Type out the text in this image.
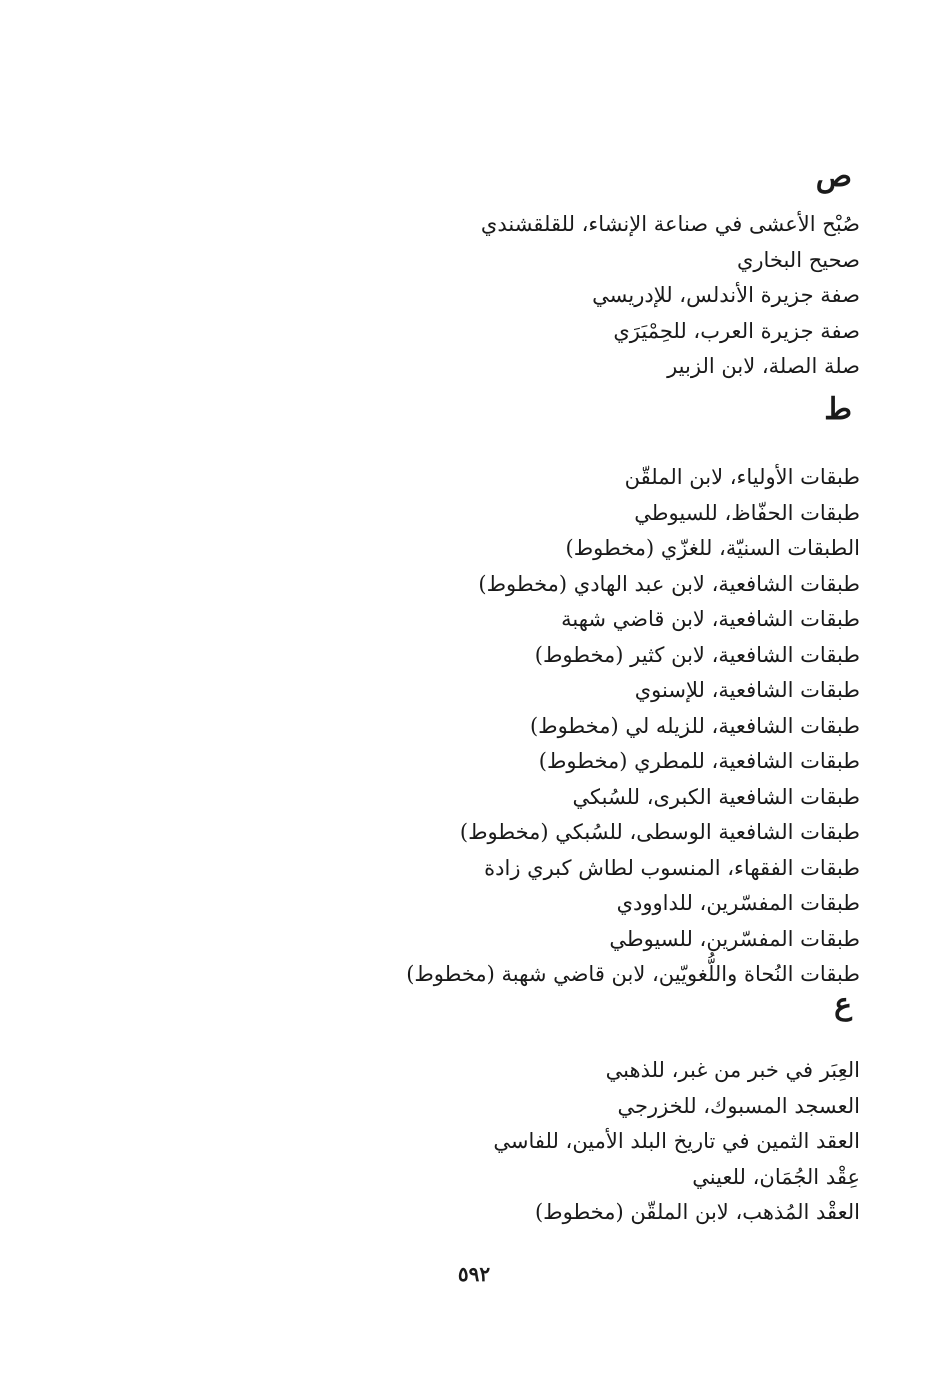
ص
صُبْح الأعشى في صناعة الإنشاء، للقلقشندي
صحيح البخاري
صفة جزيرة الأندلس، للإدريسي
صفة جزيرة العرب، للحِمْيَرَي
صلة الصلة، لابن الزبير
ط
طبقات الأولياء، لابن الملقّن
طبقات الحفّاظ، للسيوطي
الطبقات السنيّة، للغزّي (مخطوط)
طبقات الشافعية، لابن عبد الهادي (مخطوط)
طبقات الشافعية، لابن قاضي شهبة
طبقات الشافعية، لابن كثير (مخطوط)
طبقات الشافعية، للإسنوي
طبقات الشافعية، للزيله لي (مخطوط)
طبقات الشافعية، للمطري (مخطوط)
طبقات الشافعية الكبرى، للسُبكي
طبقات الشافعية الوسطى، للسُبكي (مخطوط)
طبقات الفقهاء، المنسوب لطاش كبري زادة
طبقات المفسّرين، للداوودي
طبقات المفسّرين، للسيوطي
طبقات النُحاة واللُّغويّين، لابن قاضي شهبة (مخطوط)
ع
العِبَر في خبر من غبر، للذهبي
العسجد المسبوك، للخزرجي
العقد الثمين في تاريخ البلد الأمين، للفاسي
عِقْد الجُمَان، للعيني
العقْد المُذهب، لابن الملقّن (مخطوط)
٥٩٢
